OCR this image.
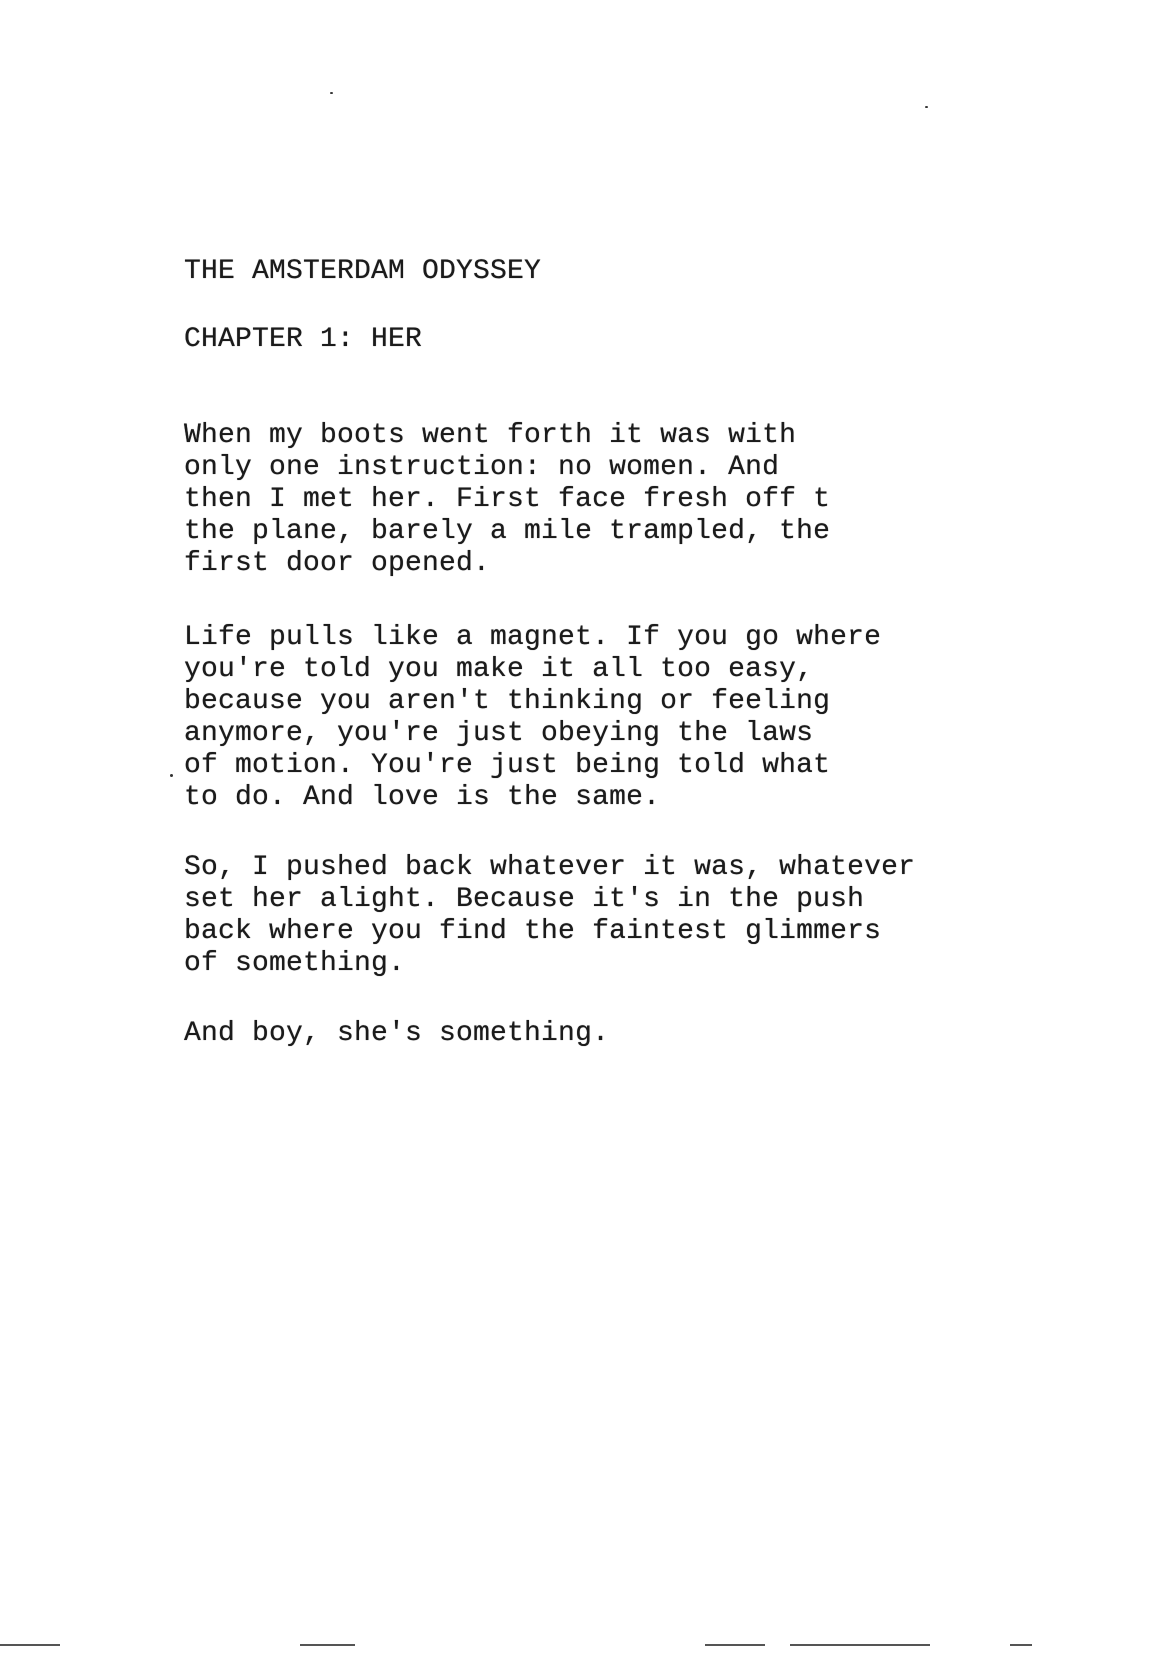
THE AMSTERDAM ODYSSEY
CHAPTER 1: HER
When my boots went forth it was with
only one instruction: no women. And
then I met her. First face fresh off t
the plane, barely a mile trampled, the
first door opened.
Life pulls like a magnet. If you go where
you're told you make it all too easy,
because you aren't thinking or feeling
anymore, you're just obeying the laws
of motion. You're just being told what
to do. And love is the same.
So, I pushed back whatever it was, whatever
set her alight. Because it's in the push
back where you find the faintest glimmers
of something.
And boy, she's something.
